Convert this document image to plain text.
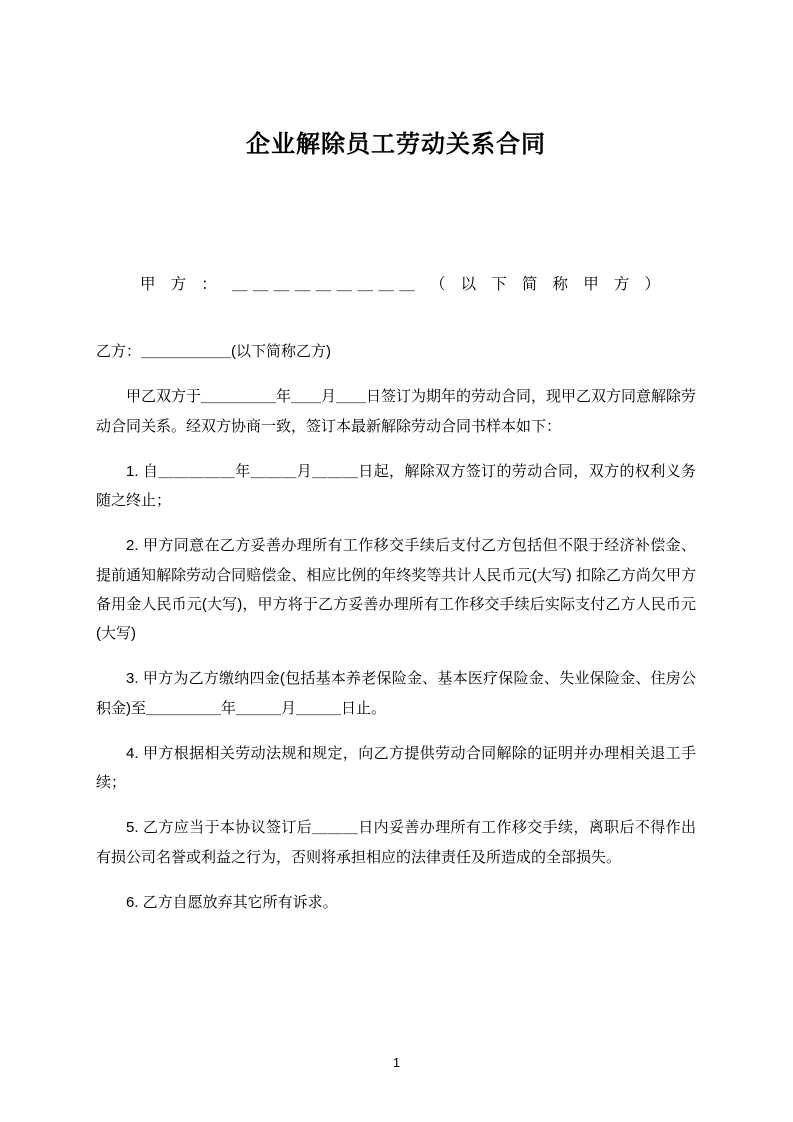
企业解除员工劳动关系合同

甲 方 ： ＿＿＿＿＿＿＿＿＿ （ 以 下 简 称 甲 方 ）

乙方：＿＿＿＿＿＿(以下简称乙方)

甲乙双方于＿＿＿＿＿年＿＿月＿＿日签订为期年的劳动合同，现甲乙双方同意解除劳动合同关系。经双方协商一致，签订本最新解除劳动合同书样本如下：

1. 自＿＿＿＿＿年＿＿＿月＿＿＿日起，解除双方签订的劳动合同，双方的权利义务随之终止；

2. 甲方同意在乙方妥善办理所有工作移交手续后支付乙方包括但不限于经济补偿金、提前通知解除劳动合同赔偿金、相应比例的年终奖等共计人民币元(大写) 扣除乙方尚欠甲方备用金人民币元(大写)，甲方将于乙方妥善办理所有工作移交手续后实际支付乙方人民币元(大写)

3. 甲方为乙方缴纳四金(包括基本养老保险金、基本医疗保险金、失业保险金、住房公积金)至＿＿＿＿＿年＿＿＿月＿＿＿日止。

4. 甲方根据相关劳动法规和规定，向乙方提供劳动合同解除的证明并办理相关退工手续；

5. 乙方应当于本协议签订后＿＿＿日内妥善办理所有工作移交手续，离职后不得作出有损公司名誉或利益之行为，否则将承担相应的法律责任及所造成的全部损失。

6. 乙方自愿放弃其它所有诉求。

1
